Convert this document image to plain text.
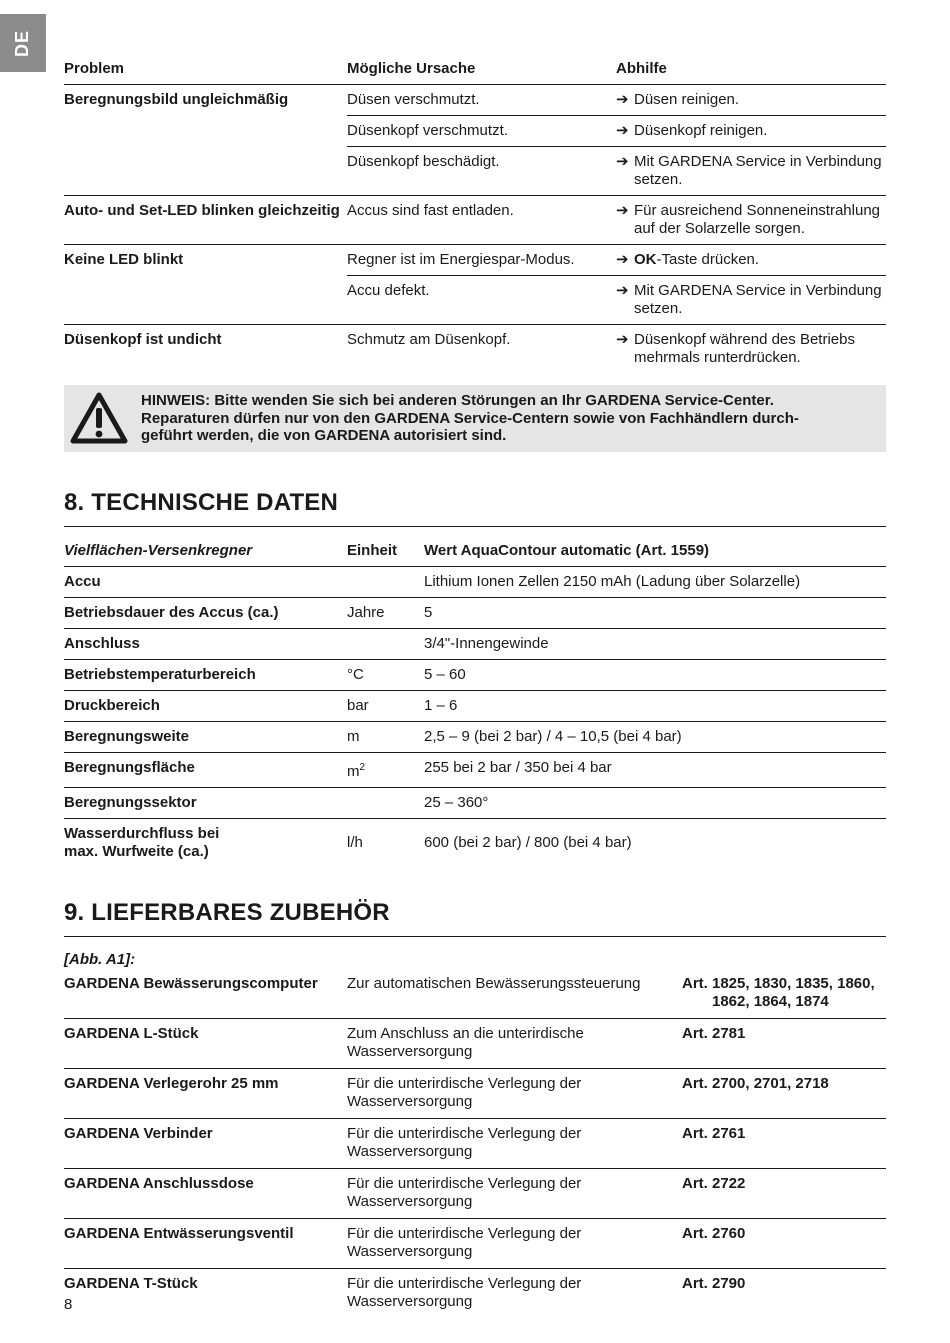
DE
Problem	Mögliche Ursache	Abhilfe
Beregnungsbild ungleichmäßig	Düsen verschmutzt.	➔ Düsen reinigen.

	Düsenkopf verschmutzt.	➔ Düsenkopf reinigen.

	Düsenkopf beschädigt.	➔ Mit GARDENA Service in Verbindung setzen.

Auto- und Set-LED blinken gleichzeitig	Accus sind fast entladen.	➔ Für ausreichend Sonneneinstrahlung auf der Solarzelle sorgen.

Keine LED blinkt	Regner ist im Energiespar-Modus.	➔ OK-Taste drücken.

	Accu defekt.	➔ Mit GARDENA Service in Verbindung setzen.

Düsenkopf ist undicht	Schmutz am Düsenkopf.	➔ Düsenkopf während des Betriebs mehrmals runterdrücken.
HINWEIS: Bitte wenden Sie sich bei anderen Störungen an Ihr GARDENA Service-Center.
Reparaturen dürfen nur von den GARDENA Service-Centern sowie von Fachhändlern durch-
geführt werden, die von GARDENA autorisiert sind.
8. TECHNISCHE DATEN
Vielflächen-Versenkregner	Einheit	Wert AquaContour automatic (Art. 1559)
Accu		Lithium Ionen Zellen 2150 mAh (Ladung über Solarzelle)
Betriebsdauer des Accus (ca.)	Jahre	5
Anschluss		3/4"-Innengewinde
Betriebstemperaturbereich	°C	5 – 60
Druckbereich	bar	1 – 6
Beregnungsweite	m	2,5 – 9 (bei 2 bar) / 4 – 10,5 (bei 4 bar)
Beregnungsfläche	$m^2$	255 bei 2 bar / 350 bei 4 bar
Beregnungssektor		25 – 360°

Wasserdurchfluss bei
max. Wurfweite (ca.)	l/h	600 (bei 2 bar) / 800 (bei 4 bar)
9. LIEFERBARES ZUBEHÖR
[Abb. A1]:
GARDENA Bewässerungscomputer	Zur automatischen Bewässerungssteuerung	Art. 1825, 1830, 1835, 1860, 1862, 1864, 1874

GARDENA L-Stück	Zum Anschluss an die unterirdische Wasserversorgung	Art. 2781

GARDENA Verlegerohr 25 mm	Für die unterirdische Verlegung der Wasserversorgung	Art. 2700, 2701, 2718

GARDENA Verbinder	Für die unterirdische Verlegung der Wasserversorgung	Art. 2761

GARDENA Anschlussdose	Für die unterirdische Verlegung der Wasserversorgung	Art. 2722

GARDENA Entwässerungsventil	Für die unterirdische Verlegung der Wasserversorgung	Art. 2760

GARDENA T-Stück	Für die unterirdische Verlegung der Wasserversorgung	Art. 2790
8
